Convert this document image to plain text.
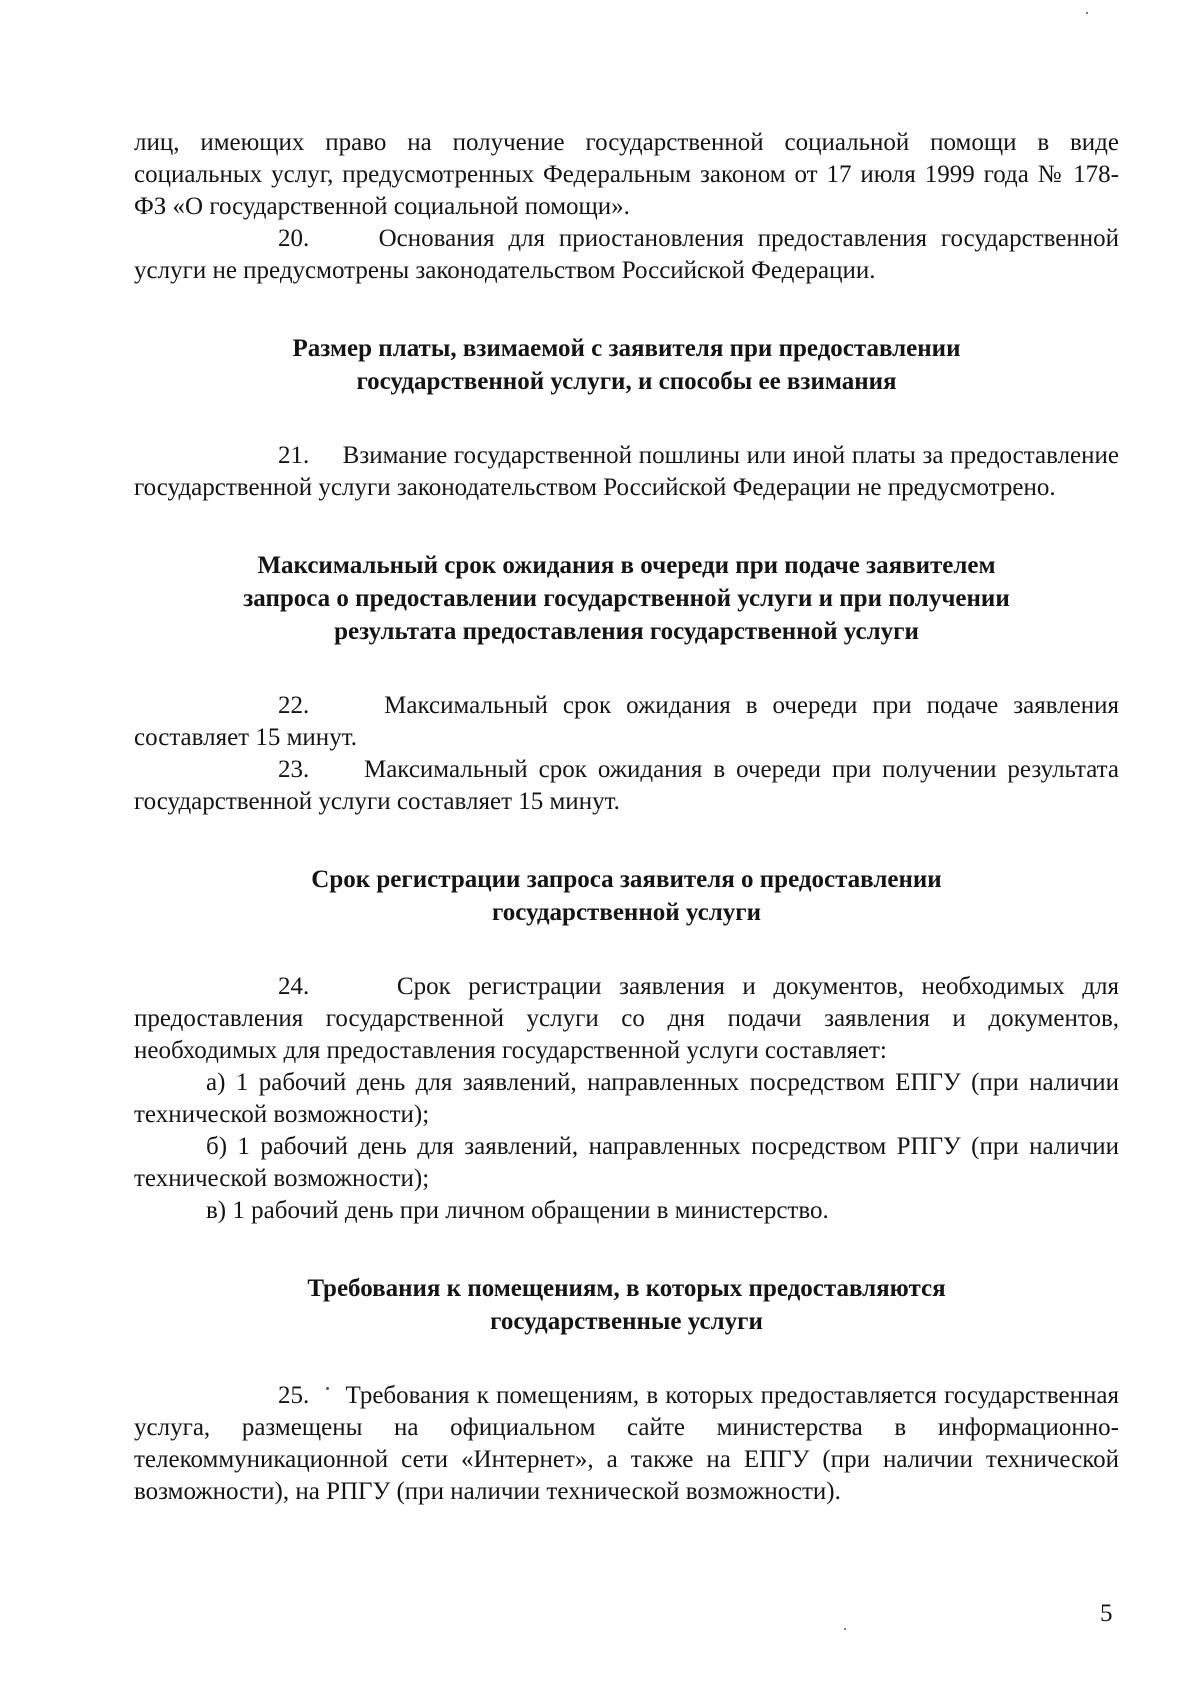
лиц, имеющих право на получение государственной социальной помощи в виде социальных услуг, предусмотренных Федеральным законом от 17 июля 1999 года № 178-ФЗ «О государственной социальной помощи».

20.	Основания для приостановления предоставления государственной услуги не предусмотрены законодательством Российской Федерации.

Размер платы, взимаемой с заявителя при предоставлении
государственной услуги, и способы ее взимания

21. Взимание государственной пошлины или иной платы за предоставление государственной услуги законодательством Российской Федерации не предусмотрено.

Максимальный срок ожидания в очереди при подаче заявителем
запроса о предоставлении государственной услуги и при получении
результата предоставления государственной услуги

22.	Максимальный срок ожидания в очереди при подаче заявления составляет 15 минут.

23. Максимальный срок ожидания в очереди при получении результата государственной услуги составляет 15 минут.

Срок регистрации запроса заявителя о предоставлении
государственной услуги

24.	Срок регистрации заявления и документов, необходимых для предоставления государственной услуги со дня подачи заявления и документов, необходимых для предоставления государственной услуги составляет:

а) 1 рабочий день для заявлений, направленных посредством ЕПГУ (при наличии технической возможности);

б) 1 рабочий день для заявлений, направленных посредством РПГУ (при наличии технической возможности);

в) 1 рабочий день при личном обращении в министерство.

Требования к помещениям, в которых предоставляются
государственные услуги

25. Требования к помещениям, в которых предоставляется государственная услуга, размещены на официальном сайте министерства в информационно-телекоммуникационной сети «Интернет», а также на ЕПГУ (при наличии технической возможности), на РПГУ (при наличии технической возможности).

5
